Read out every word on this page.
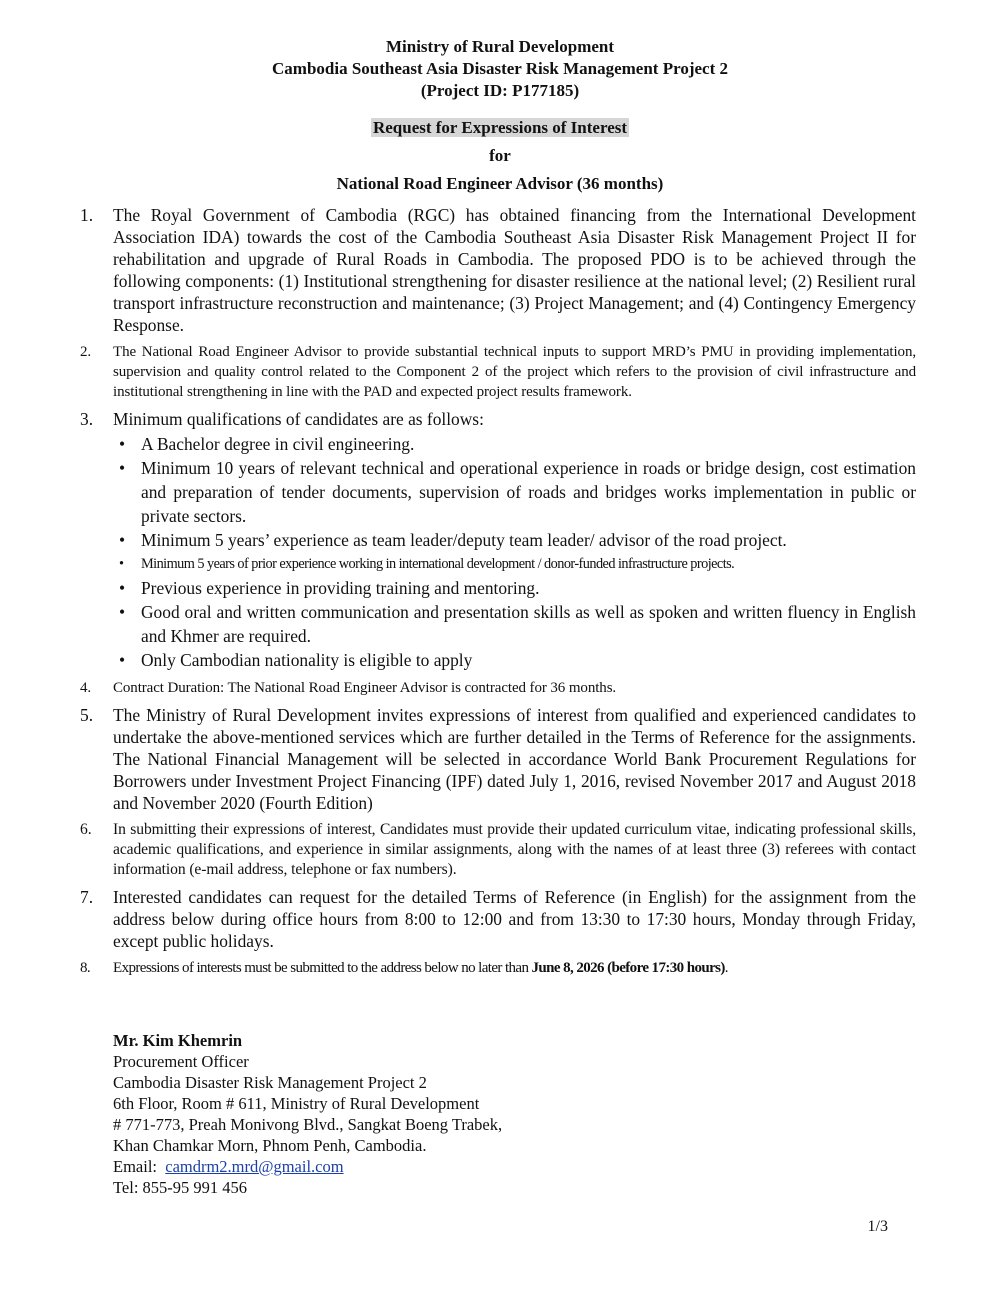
Ministry of Rural Development
Cambodia Southeast Asia Disaster Risk Management Project 2
(Project ID: P177185)
Request for Expressions of Interest
for
National Road Engineer Advisor (36 months)
1. The Royal Government of Cambodia (RGC) has obtained financing from the International Development Association IDA) towards the cost of the Cambodia Southeast Asia Disaster Risk Management Project II for rehabilitation and upgrade of Rural Roads in Cambodia. The proposed PDO is to be achieved through the following components: (1) Institutional strengthening for disaster resilience at the national level; (2) Resilient rural transport infrastructure reconstruction and maintenance; (3) Project Management; and (4) Contingency Emergency Response.
2. The National Road Engineer Advisor to provide substantial technical inputs to support MRD’s PMU in providing implementation, supervision and quality control related to the Component 2 of the project which refers to the provision of civil infrastructure and institutional strengthening in line with the PAD and expected project results framework.
3. Minimum qualifications of candidates are as follows:
• A Bachelor degree in civil engineering.
• Minimum 10 years of relevant technical and operational experience in roads or bridge design, cost estimation and preparation of tender documents, supervision of roads and bridges works implementation in public or private sectors.
• Minimum 5 years’ experience as team leader/deputy team leader/ advisor of the road project.
• Minimum 5 years of prior experience working in international development / donor-funded infrastructure projects.
• Previous experience in providing training and mentoring.
• Good oral and written communication and presentation skills as well as spoken and written fluency in English and Khmer are required.
• Only Cambodian nationality is eligible to apply
4. Contract Duration: The National Road Engineer Advisor is contracted for 36 months.
5. The Ministry of Rural Development invites expressions of interest from qualified and experienced candidates to undertake the above-mentioned services which are further detailed in the Terms of Reference for the assignments. The National Financial Management will be selected in accordance World Bank Procurement Regulations for Borrowers under Investment Project Financing (IPF) dated July 1, 2016, revised November 2017 and August 2018 and November 2020 (Fourth Edition)
6. In submitting their expressions of interest, Candidates must provide their updated curriculum vitae, indicating professional skills, academic qualifications, and experience in similar assignments, along with the names of at least three (3) referees with contact information (e-mail address, telephone or fax numbers).
7. Interested candidates can request for the detailed Terms of Reference (in English) for the assignment from the address below during office hours from 8:00 to 12:00 and from 13:30 to 17:30 hours, Monday through Friday, except public holidays.
8. Expressions of interests must be submitted to the address below no later than June 8, 2026 (before 17:30 hours).
Mr. Kim Khemrin
Procurement Officer
Cambodia Disaster Risk Management Project 2
6th Floor, Room # 611, Ministry of Rural Development
# 771-773, Preah Monivong Blvd., Sangkat Boeng Trabek,
Khan Chamkar Morn, Phnom Penh, Cambodia.
Email: camdrm2.mrd@gmail.com
Tel: 855-95 991 456
1/3
